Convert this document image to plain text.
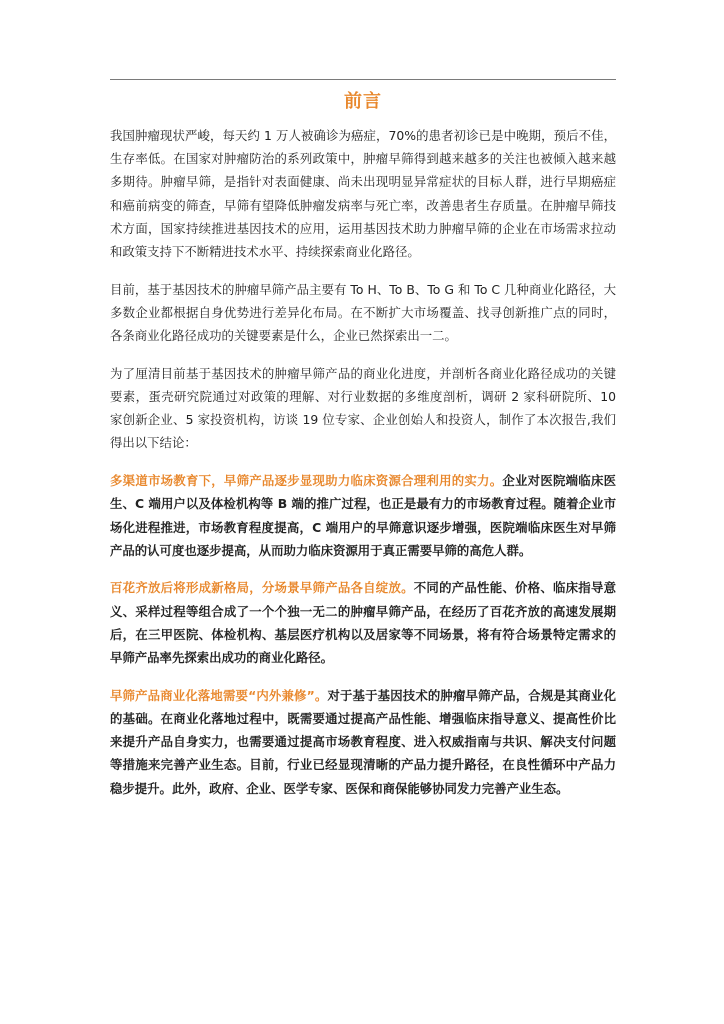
前言

我国肿瘤现状严峻，每天约 1 万人被确诊为癌症，70%的患者初诊已是中晚期，预后不佳，生存率低。在国家对肿瘤防治的系列政策中，肿瘤早筛得到越来越多的关注也被倾入越来越多期待。肿瘤早筛，是指针对表面健康、尚未出现明显异常症状的目标人群，进行早期癌症和癌前病变的筛查，早筛有望降低肿瘤发病率与死亡率，改善患者生存质量。在肿瘤早筛技术方面，国家持续推进基因技术的应用，运用基因技术助力肿瘤早筛的企业在市场需求拉动和政策支持下不断精进技术水平、持续探索商业化路径。

目前，基于基因技术的肿瘤早筛产品主要有 To H、To B、To G 和 To C 几种商业化路径，大多数企业都根据自身优势进行差异化布局。在不断扩大市场覆盖、找寻创新推广点的同时，各条商业化路径成功的关键要素是什么，企业已然探索出一二。

为了厘清目前基于基因技术的肿瘤早筛产品的商业化进度，并剖析各商业化路径成功的关键要素，蛋壳研究院通过对政策的理解、对行业数据的多维度剖析，调研 2 家科研院所、10 家创新企业、5 家投资机构，访谈 19 位专家、企业创始人和投资人，制作了本次报告,我们得出以下结论：

多渠道市场教育下，早筛产品逐步显现助力临床资源合理利用的实力。企业对医院端临床医生、C 端用户以及体检机构等 B 端的推广过程，也正是最有力的市场教育过程。随着企业市场化进程推进，市场教育程度提高，C 端用户的早筛意识逐步增强，医院端临床医生对早筛产品的认可度也逐步提高，从而助力临床资源用于真正需要早筛的高危人群。

百花齐放后将形成新格局，分场景早筛产品各自绽放。不同的产品性能、价格、临床指导意义、采样过程等组合成了一个个独一无二的肿瘤早筛产品，在经历了百花齐放的高速发展期后，在三甲医院、体检机构、基层医疗机构以及居家等不同场景，将有符合场景特定需求的早筛产品率先探索出成功的商业化路径。

早筛产品商业化落地需要“内外兼修”。对于基于基因技术的肿瘤早筛产品，合规是其商业化的基础。在商业化落地过程中，既需要通过提高产品性能、增强临床指导意义、提高性价比来提升产品自身实力，也需要通过提高市场教育程度、进入权威指南与共识、解决支付问题等措施来完善产业生态。目前，行业已经显现清晰的产品力提升路径，在良性循环中产品力稳步提升。此外，政府、企业、医学专家、医保和商保能够协同发力完善产业生态。
